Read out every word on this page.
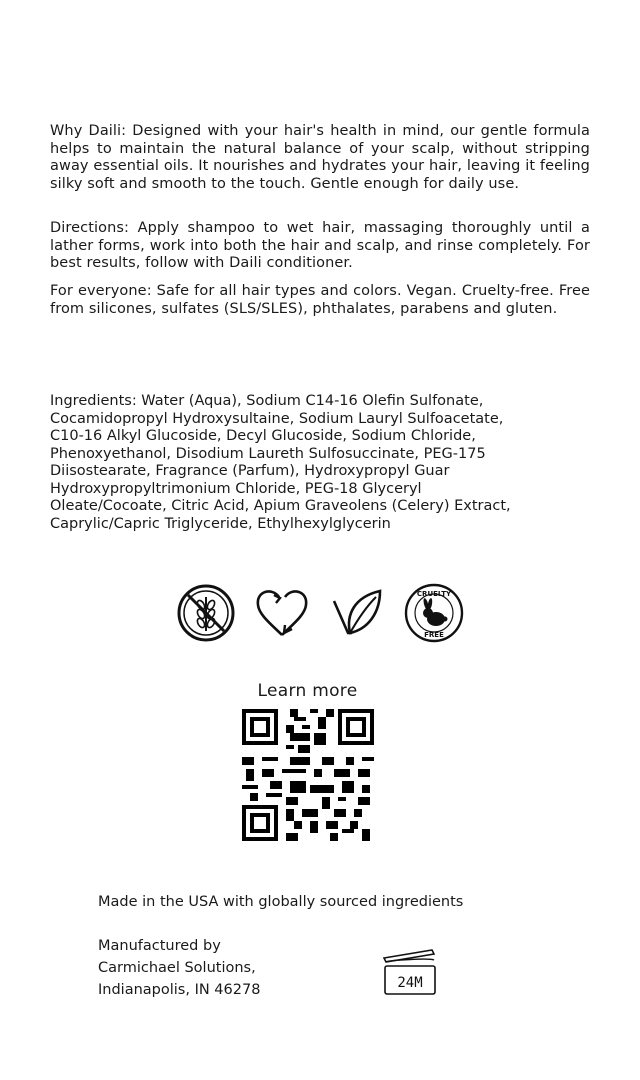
Why Daili: Designed with your hair's health in mind, our gentle formula helps to maintain the natural balance of your scalp, without stripping away essential oils. It nourishes and hydrates your hair, leaving it feeling silky soft and smooth to the touch. Gentle enough for daily use.
Directions: Apply shampoo to wet hair, massaging thoroughly until a lather forms, work into both the hair and scalp, and rinse completely. For best results, follow with Daili conditioner.
For everyone: Safe for all hair types and colors. Vegan. Cruelty-free. Free from silicones, sulfates (SLS/SLES), phthalates, parabens and gluten.
Ingredients: Water (Aqua), Sodium C14-16 Olefin Sulfonate,
Cocamidopropyl Hydroxysultaine, Sodium Lauryl Sulfoacetate,
C10-16 Alkyl Glucoside, Decyl Glucoside, Sodium Chloride,
Phenoxyethanol, Disodium Laureth Sulfosuccinate, PEG-175
Diisostearate, Fragrance (Parfum), Hydroxypropyl Guar
Hydroxypropyltrimonium Chloride, PEG-18 Glyceryl
Oleate/Cocoate, Citric Acid, Apium Graveolens (Celery) Extract,
Caprylic/Capric Triglyceride, Ethylhexylglycerin
CRUELTY
FREE
Learn more
Made in the USA with globally sourced ingredients
Manufactured by
Carmichael Solutions,
Indianapolis, IN 46278	24M
